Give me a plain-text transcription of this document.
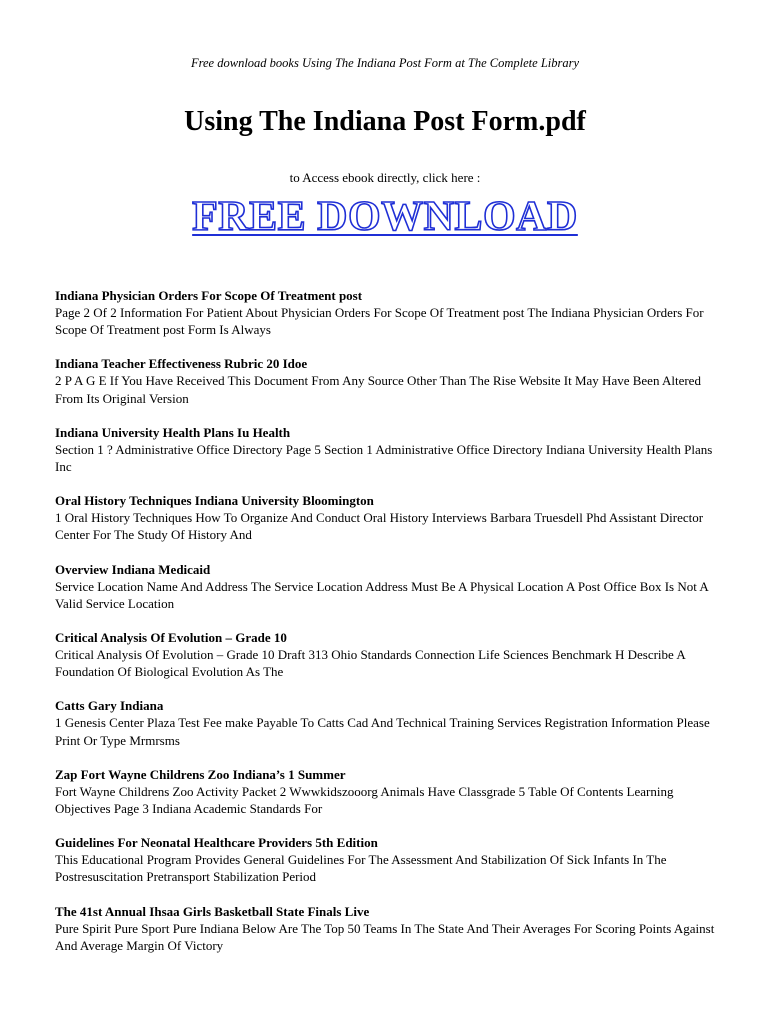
Free download books Using The Indiana Post Form at The Complete Library
Using The Indiana Post Form.pdf
to Access ebook directly, click here :
FREE DOWNLOAD
Indiana Physician Orders For Scope Of Treatment post
Page 2 Of 2 Information For Patient About Physician Orders For Scope Of Treatment post The Indiana Physician Orders For Scope Of Treatment post Form Is Always
Indiana Teacher Effectiveness Rubric 20 Idoe
2 P A G E If You Have Received This Document From Any Source Other Than The Rise Website It May Have Been Altered From Its Original Version
Indiana University Health Plans Iu Health
Section 1 ? Administrative Office Directory Page 5 Section 1 Administrative Office Directory Indiana University Health Plans Inc
Oral History Techniques Indiana University Bloomington
1 Oral History Techniques How To Organize And Conduct Oral History Interviews Barbara Truesdell Phd Assistant Director Center For The Study Of History And
Overview Indiana Medicaid
Service Location Name And Address The Service Location Address Must Be A Physical Location A Post Office Box Is Not A Valid Service Location
Critical Analysis Of Evolution – Grade 10
Critical Analysis Of Evolution – Grade 10 Draft 313 Ohio Standards Connection Life Sciences Benchmark H Describe A Foundation Of Biological Evolution As The
Catts Gary Indiana
1 Genesis Center Plaza Test Fee make Payable To Catts Cad And Technical Training Services Registration Information Please Print Or Type Mrmrsms
Zap Fort Wayne Childrens Zoo Indiana’s 1 Summer
Fort Wayne Childrens Zoo Activity Packet 2 Wwwkidszooorg Animals Have Classgrade 5 Table Of Contents Learning Objectives Page 3 Indiana Academic Standards For
Guidelines For Neonatal Healthcare Providers 5th Edition
This Educational Program Provides General Guidelines For The Assessment And Stabilization Of Sick Infants In The Postresuscitation Pretransport Stabilization Period
The 41st Annual Ihsaa Girls Basketball State Finals Live
Pure Spirit Pure Sport Pure Indiana Below Are The Top 50 Teams In The State And Their Averages For Scoring Points Against And Average Margin Of Victory
